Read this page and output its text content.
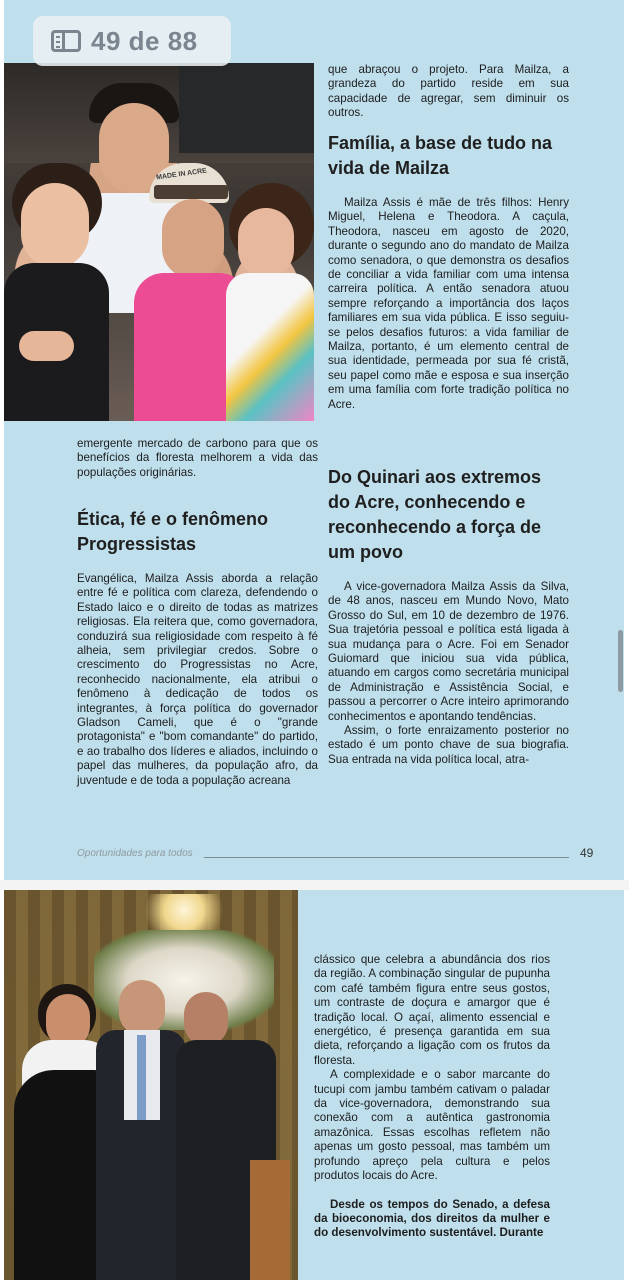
MADE IN ACRE

que abraçou o projeto. Para Mailza, a grandeza do partido reside em sua capacidade de agregar, sem diminuir os outros.

Família, a base de tudo na vida de Mailza

Mailza Assis é mãe de três filhos: Henry Miguel, Helena e Theodora. A caçula, Theodora, nasceu em agosto de 2020, durante o segundo ano do mandato de Mailza como senadora, o que demonstra os desafios de conciliar a vida familiar com uma intensa carreira política. A então senadora atuou sempre reforçando a importância dos laços familiares em sua vida pública. E isso seguiu-se pelos desafios futuros: a vida familiar de Mailza, portanto, é um elemento central de sua identidade, permeada por sua fé cristã, seu papel como mãe e esposa e sua inserção em uma família com forte tradição política no Acre.

emergente mercado de carbono para que os benefícios da floresta melhorem a vida das populações originárias.

Ética, fé e o fenômeno Progressistas

Evangélica, Mailza Assis aborda a relação entre fé e política com clareza, defendendo o Estado laico e o direito de todas as matrizes religiosas. Ela reitera que, como governadora, conduzirá sua religiosidade com respeito à fé alheia, sem privilegiar credos. Sobre o crescimento do Progressistas no Acre, reconhecido nacionalmente, ela atribui o fenômeno à dedicação de todos os integrantes, à força política do governador Gladson Cameli, que é o "grande protagonista" e "bom comandante" do partido, e ao trabalho dos líderes e aliados, incluindo o papel das mulheres, da população afro, da juventude e de toda a população acreana

Do Quinari aos extremos do Acre, conhecendo e reconhecendo a força de um povo

A vice-governadora Mailza Assis da Silva, de 48 anos, nasceu em Mundo Novo, Mato Grosso do Sul, em 10 de dezembro de 1976. Sua trajetória pessoal e política está ligada à sua mudança para o Acre. Foi em Senador Guiomard que iniciou sua vida pública, atuando em cargos como secretária municipal de Administração e Assistência Social, e passou a percorrer o Acre inteiro aprimorando conhecimentos e apontando tendências.

Assim, o forte enraizamento posterior no estado é um ponto chave de sua biografia. Sua entrada na vida política local, atra-

Oportunidades para todos	49

clássico que celebra a abundância dos rios da região. A combinação singular de pupunha com café também figura entre seus gostos, um contraste de doçura e amargor que é tradição local. O açaí, alimento essencial e energético, é presença garantida em sua dieta, reforçando a ligação com os frutos da floresta.

A complexidade e o sabor marcante do tucupi com jambu também cativam o paladar da vice-governadora, demonstrando sua conexão com a autêntica gastronomia amazônica. Essas escolhas refletem não apenas um gosto pessoal, mas também um profundo apreço pela cultura e pelos produtos locais do Acre.

Desde os tempos do Senado, a defesa da bioeconomia, dos direitos da mulher e do desenvolvimento sustentável. Durante

49 de 88
